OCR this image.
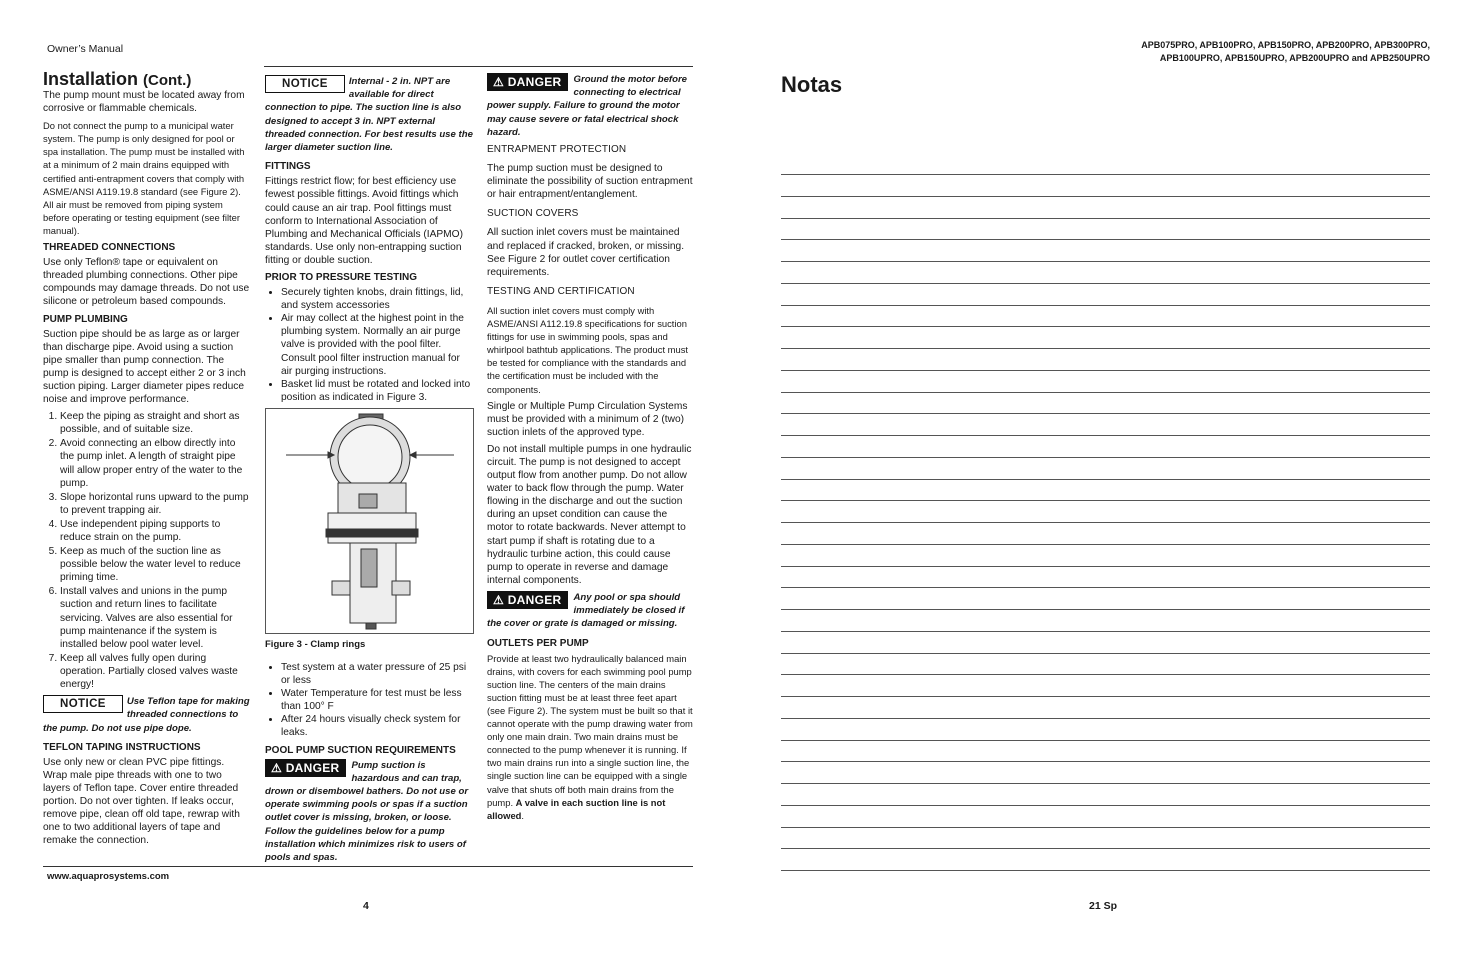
Owner’s Manual	APB075PRO, APB100PRO, APB150PRO, APB200PRO, APB300PRO,
APB100UPRO, APB150UPRO, APB200UPRO and APB250UPRO
Installation (Cont.)

The pump mount must be located away from corrosive or flammable chemicals.

Do not connect the pump to a municipal water system. The pump is only designed for pool or spa installation. The pump must be installed with at a minimum of 2 main drains equipped with certified anti-entrapment covers that comply with ASME/ANSI A119.19.8 standard (see Figure 2). All air must be removed from piping system before operating or testing equipment (see filter manual).

THREADED CONNECTIONS

Use only Teflon® tape or equivalent on threaded plumbing connections. Other pipe compounds may damage threads. Do not use silicone or petroleum based compounds.

PUMP PLUMBING

Suction pipe should be as large as or larger than discharge pipe. Avoid using a suction pipe smaller than pump connection. The pump is designed to accept either 2 or 3 inch suction piping. Larger diameter pipes reduce noise and improve performance.

1. Keep the piping as straight and short as possible, and of suitable size.
2. Avoid connecting an elbow directly into the pump inlet. A length of straight pipe will allow proper entry of the water to the pump.
3. Slope horizontal runs upward to the pump to prevent trapping air.
4. Use independent piping supports to reduce strain on the pump.
5. Keep as much of the suction line as possible below the water level to reduce priming time.
6. Install valves and unions in the pump suction and return lines to facilitate servicing. Valves are also essential for pump maintenance if the system is installed below pool water level.
7. Keep all valves fully open during operation. Partially closed valves waste energy!
NOTICE	Use Teflon tape for making threaded connections to the pump. Do not use pipe dope.
TEFLON TAPING INSTRUCTIONS

Use only new or clean PVC pipe fittings. Wrap male pipe threads with one to two layers of Teflon tape. Cover entire threaded portion. Do not over tighten. If leaks occur, remove pipe, clean off old tape, rewrap with one to two additional layers of tape and remake the connection.

NOTICE	Internal - 2 in. NPT are available for direct connection to pipe. The suction line is also designed to accept 3 in. NPT external threaded connection. For best results use the larger diameter suction line.
FITTINGS

Fittings restrict flow; for best efficiency use fewest possible fittings. Avoid fittings which could cause an air trap. Pool fittings must conform to International Association of Plumbing and Mechanical Officials (IAPMO) standards. Use only non-entrapping suction fitting or double suction.

PRIOR TO PRESSURE TESTING
• Securely tighten knobs, drain fittings, lid, and system accessories
• Air may collect at the highest point in the plumbing system. Normally an air purge valve is provided with the pool filter. Consult pool filter instruction manual for air purging instructions.
• Basket lid must be rotated and locked into position as indicated in Figure 3.
Figure 3 - Clamp rings
• Test system at a water pressure of 25 psi or less
• Water Temperature for test must be less than 100° F
• After 24 hours visually check system for leaks.
POOL PUMP SUCTION REQUIREMENTS
⚠ DANGER	Pump suction is hazardous and can trap, drown or disembowel bathers. Do not use or operate swimming pools or spas if a suction outlet cover is missing, broken, or loose. Follow the guidelines below for a pump installation which minimizes risk to users of pools and spas.
⚠ DANGER	Ground the motor before connecting to electrical power supply. Failure to ground the motor may cause severe or fatal electrical shock hazard.
ENTRAPMENT PROTECTION

The pump suction must be designed to eliminate the possibility of suction entrapment or hair entrapment/entanglement.

SUCTION COVERS

All suction inlet covers must be maintained and replaced if cracked, broken, or missing. See Figure 2 for outlet cover certification requirements.

TESTING AND CERTIFICATION

All suction inlet covers must comply with ASME/ANSI A112.19.8 specifications for suction fittings for use in swimming pools, spas and whirlpool bathtub applications. The product must be tested for compliance with the standards and the certification must be included with the components.

Single or Multiple Pump Circulation Systems must be provided with a minimum of 2 (two) suction inlets of the approved type.

Do not install multiple pumps in one hydraulic circuit. The pump is not designed to accept output flow from another pump. Do not allow water to back flow through the pump. Water flowing in the discharge and out the suction during an upset condition can cause the motor to rotate backwards. Never attempt to start pump if shaft is rotating due to a hydraulic turbine action, this could cause pump to operate in reverse and damage internal components.

⚠ DANGER	Any pool or spa should immediately be closed if the cover or grate is damaged or missing.
OUTLETS PER PUMP

Provide at least two hydraulically balanced main drains, with covers for each swimming pool pump suction line. The centers of the main drains suction fitting must be at least three feet apart (see Figure 2). The system must be built so that it cannot operate with the pump drawing water from only one main drain. Two main drains must be connected to the pump whenever it is running. If two main drains run into a single suction line, the single suction line can be equipped with a single valve that shuts off both main drains from the pump. A valve in each suction line is not allowed.

www.aquaprosystems.com
4
Notas
21 Sp
